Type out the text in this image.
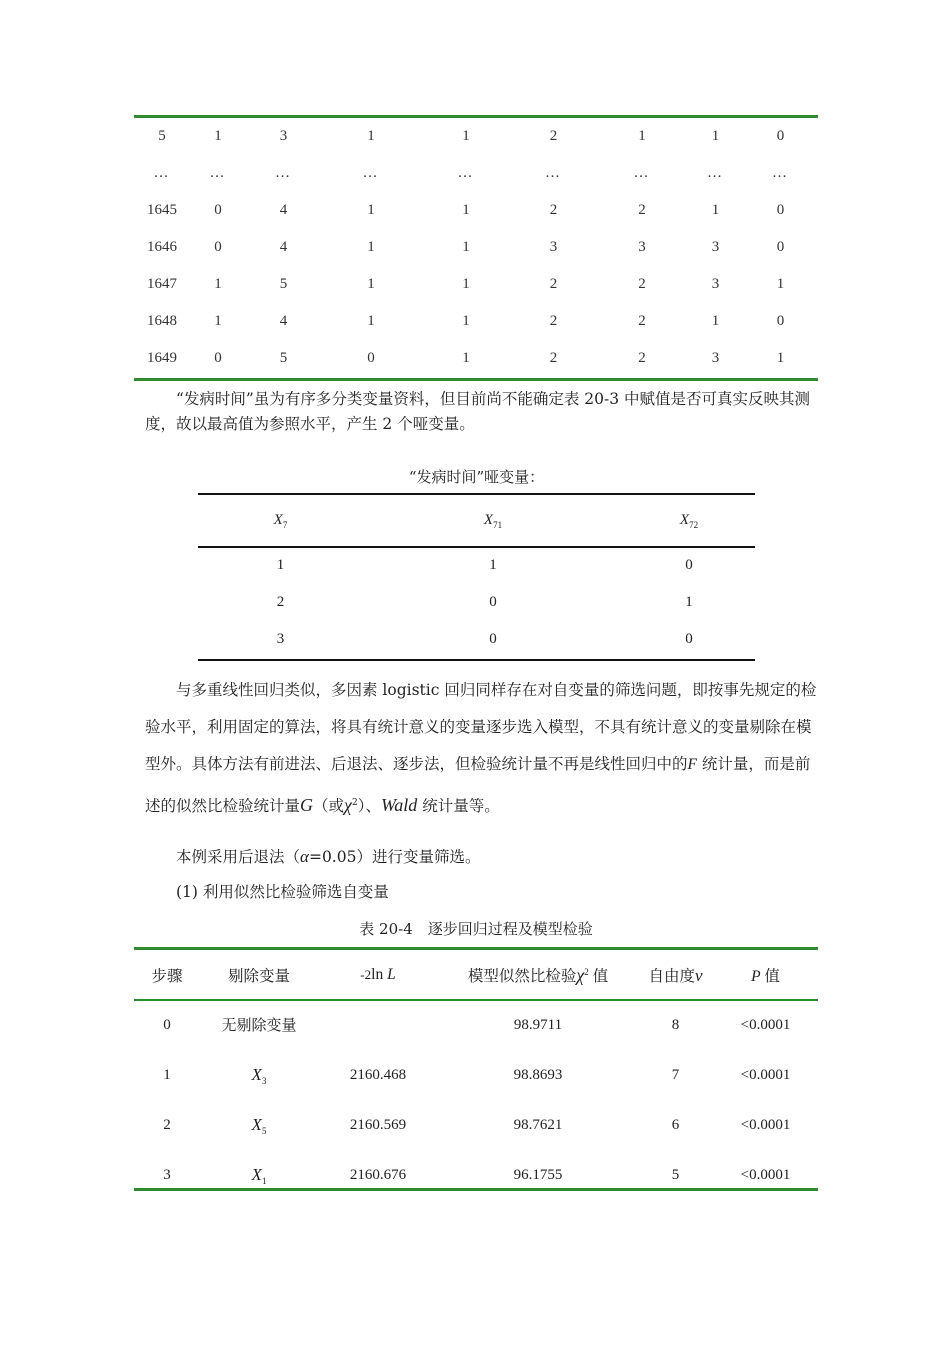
5	1	3	1	1	2	1	1	0
…	…	…	…	…	…	…	…	…
1645	0	4	1	1	2	2	1	0
1646	0	4	1	1	3	3	3	0
1647	1	5	1	1	2	2	3	1
1648	1	4	1	1	2	2	1	0
1649	0	5	0	1	2	2	3	1
“发病时间”虽为有序多分类变量资料，但目前尚不能确定表 20-3 中赋值是否可真实反映其测度，故以最高值为参照水平，产生 2 个哑变量。
“发病时间”哑变量：
$X_7$	$X_{71}$	$X_{72}$
1	1	0
2	0	1
3	0	0
与多重线性回归类似，多因素 logistic 回归同样存在对自变量的筛选问题，即按事先规定的检验水平，利用固定的算法，将具有统计意义的变量逐步选入模型，不具有统计意义的变量剔除在模型外。具体方法有前进法、后退法、逐步法，但检验统计量不再是线性回归中的F 统计量，而是前述的似然比检验统计量G（或$\chi^2$）、Wald 统计量等。
本例采用后退法（α=0.05）进行变量筛选。
(1) 利用似然比检验筛选自变量
表 20-4　逐步回归过程及模型检验
步骤	剔除变量	-2ln L	模型似然比检验$\chi^2$ 值	自由度ν	P 值
0	无剔除变量		98.9711	8	<0.0001
1	$X_3$	2160.468	98.8693	7	<0.0001
2	$X_5$	2160.569	98.7621	6	<0.0001
3	$X_1$	2160.676	96.1755	5	<0.0001
